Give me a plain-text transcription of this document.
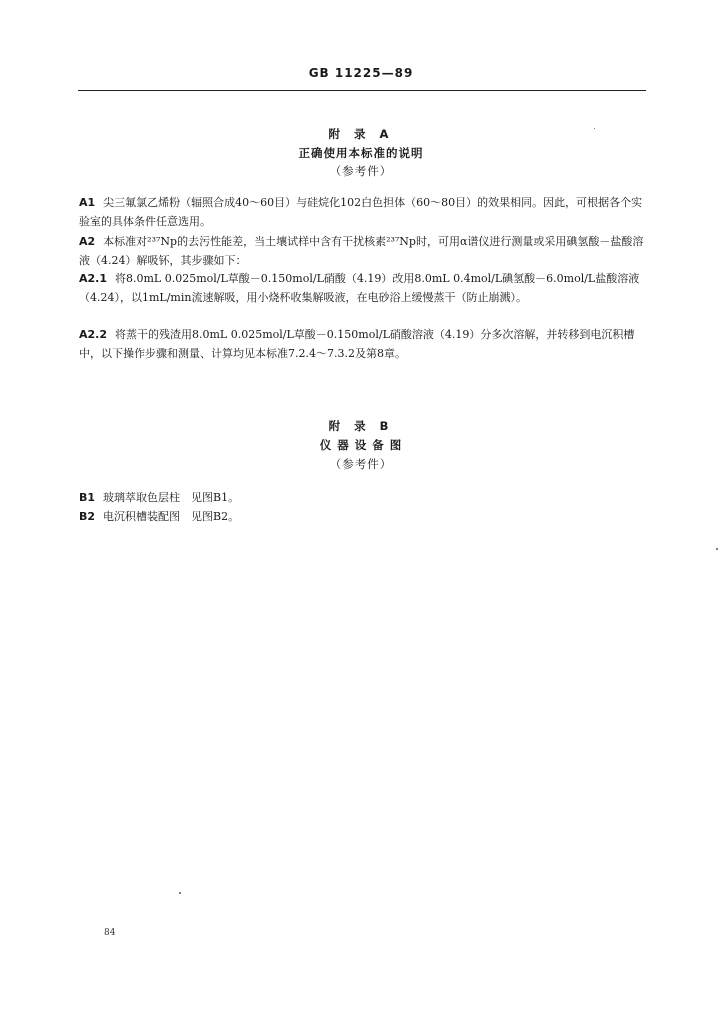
GB 11225—89
附 录 A
正确使用本标准的说明
（参考件）

A1 尖三氟氯乙烯粉（辐照合成40～60目）与硅烷化102白色担体（60～80目）的效果相同。因此，可根据各个实验室的具体条件任意选用。

A2 本标准对²³⁷Np的去污性能差，当土壤试样中含有干扰核素²³⁷Np时，可用α谱仪进行测量或采用碘氢酸－盐酸溶液（4.24）解吸钚，其步骤如下：

A2.1 将8.0mL 0.025mol/L草酸－0.150mol/L硝酸（4.19）改用8.0mL 0.4mol/L碘氢酸－6.0mol/L盐酸溶液（4.24），以1mL/min流速解吸，用小烧杯收集解吸液，在电砂浴上缓慢蒸干（防止崩溅）。

A2.2 将蒸干的残渣用8.0mL 0.025mol/L草酸－0.150mol/L硝酸溶液（4.19）分多次溶解，并转移到电沉积槽中，以下操作步骤和测量、计算均见本标准7.2.4～7.3.2及第8章。

附 录 B
仪 器 设 备 图
（参考件）

B1 玻璃萃取色层柱　见图B1。

B2 电沉积槽装配图　见图B2。

84
